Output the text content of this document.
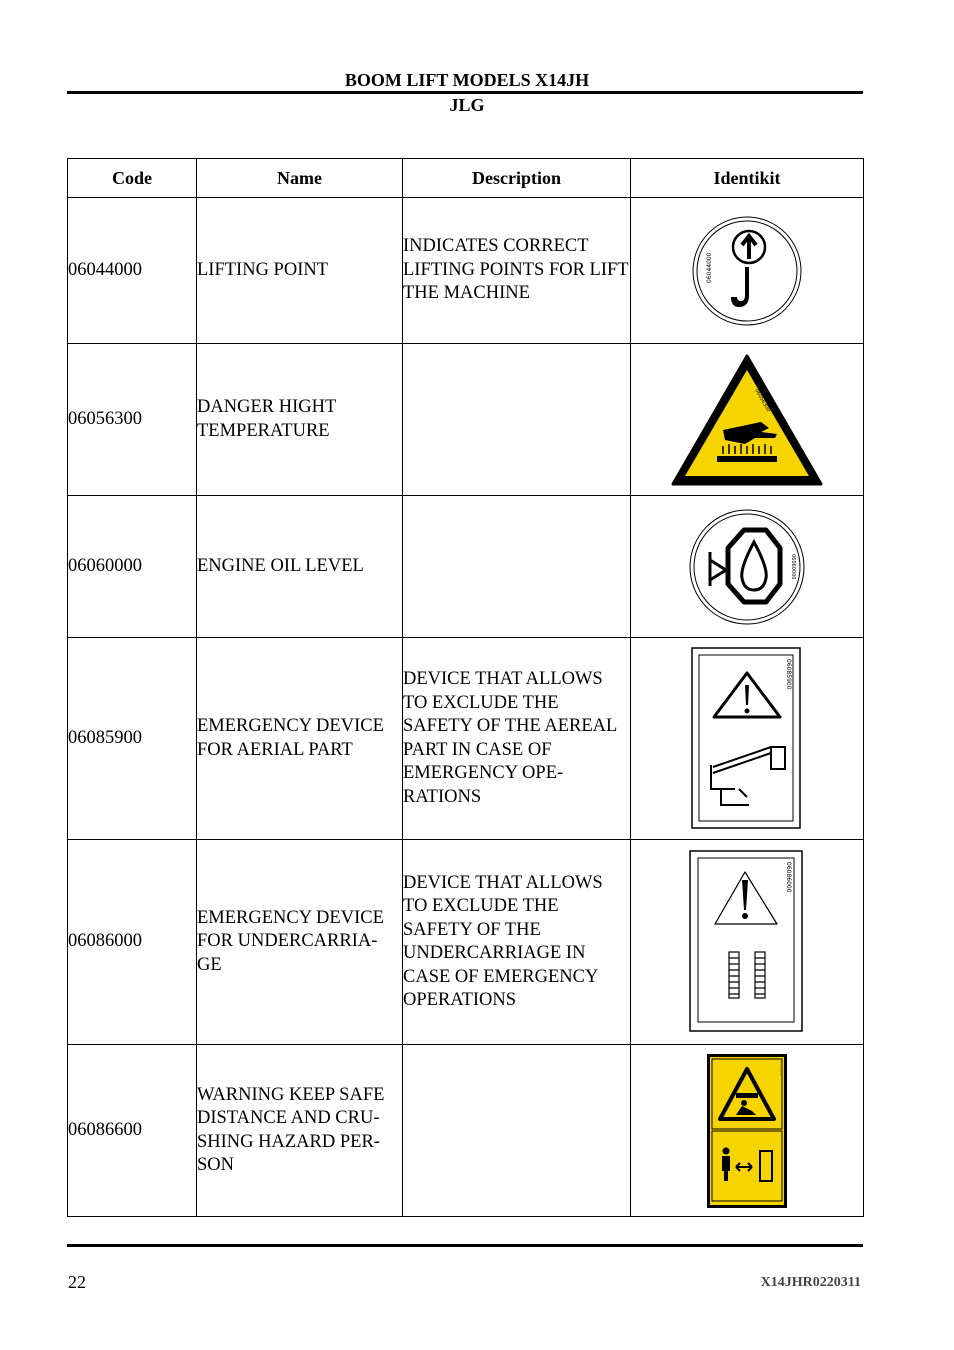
BOOM LIFT MODELS X14JH
JLG
Code	Name	Description	Identikit
06044000	LIFTING POINT	INDICATES CORRECT LIFTING POINTS FOR LIFT THE MACHINE	06044000

06056300	DANGER HIGHT TEMPERATURE		06056300

06060000	ENGINE OIL LEVEL		06060000

06085900	EMERGENCY DEVICE FOR AERIAL PART	DEVICE THAT ALLOWS TO EXCLUDE THE SAFETY OF THE AEREAL PART IN CASE OF EMERGENCY OPE-RATIONS	06085900

06086000	EMERGENCY DEVICE FOR UNDERCARRIA-GE	DEVICE THAT ALLOWS TO EXCLUDE THE SAFETY OF THE UNDERCARRIAGE IN CASE OF EMERGENCY OPERATIONS	06086000

06086600	WARNING KEEP SAFE DISTANCE AND CRU-SHING HAZARD PER-SON		06086600
22	X14JHR0220311
